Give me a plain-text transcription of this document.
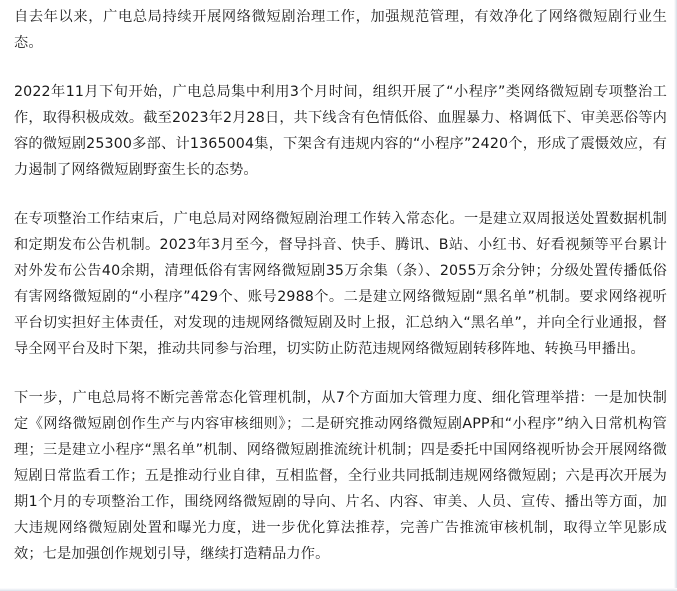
自去年以来，广电总局持续开展网络微短剧治理工作，加强规范管理，有效净化了网络微短剧行业生态。

2022年11月下旬开始，广电总局集中利用3个月时间，组织开展了“小程序”类网络微短剧专项整治工作，取得积极成效。截至2023年2月28日，共下线含有色情低俗、血腥暴力、格调低下、审美恶俗等内容的微短剧25300多部、计1365004集，下架含有违规内容的“小程序”2420个，形成了震慑效应，有力遏制了网络微短剧野蛮生长的态势。

在专项整治工作结束后，广电总局对网络微短剧治理工作转入常态化。一是建立双周报送处置数据机制和定期发布公告机制。2023年3月至今，督导抖音、快手、腾讯、B站、小红书、好看视频等平台累计对外发布公告40余期，清理低俗有害网络微短剧35万余集（条）、2055万余分钟；分级处置传播低俗有害网络微短剧的“小程序”429个、账号2988个。二是建立网络微短剧“黑名单”机制。要求网络视听平台切实担好主体责任，对发现的违规网络微短剧及时上报，汇总纳入“黑名单”，并向全行业通报，督导全网平台及时下架，推动共同参与治理，切实防止防范违规网络微短剧转移阵地、转换马甲播出。

下一步，广电总局将不断完善常态化管理机制，从7个方面加大管理力度、细化管理举措：一是加快制定《网络微短剧创作生产与内容审核细则》；二是研究推动网络微短剧APP和“小程序”纳入日常机构管理；三是建立小程序“黑名单”机制、网络微短剧推流统计机制；四是委托中国网络视听协会开展网络微短剧日常监看工作；五是推动行业自律，互相监督，全行业共同抵制违规网络微短剧；六是再次开展为期1个月的专项整治工作，围绕网络微短剧的导向、片名、内容、审美、人员、宣传、播出等方面，加大违规网络微短剧处置和曝光力度，进一步优化算法推荐，完善广告推流审核机制，取得立竿见影成效；七是加强创作规划引导，继续打造精品力作。
